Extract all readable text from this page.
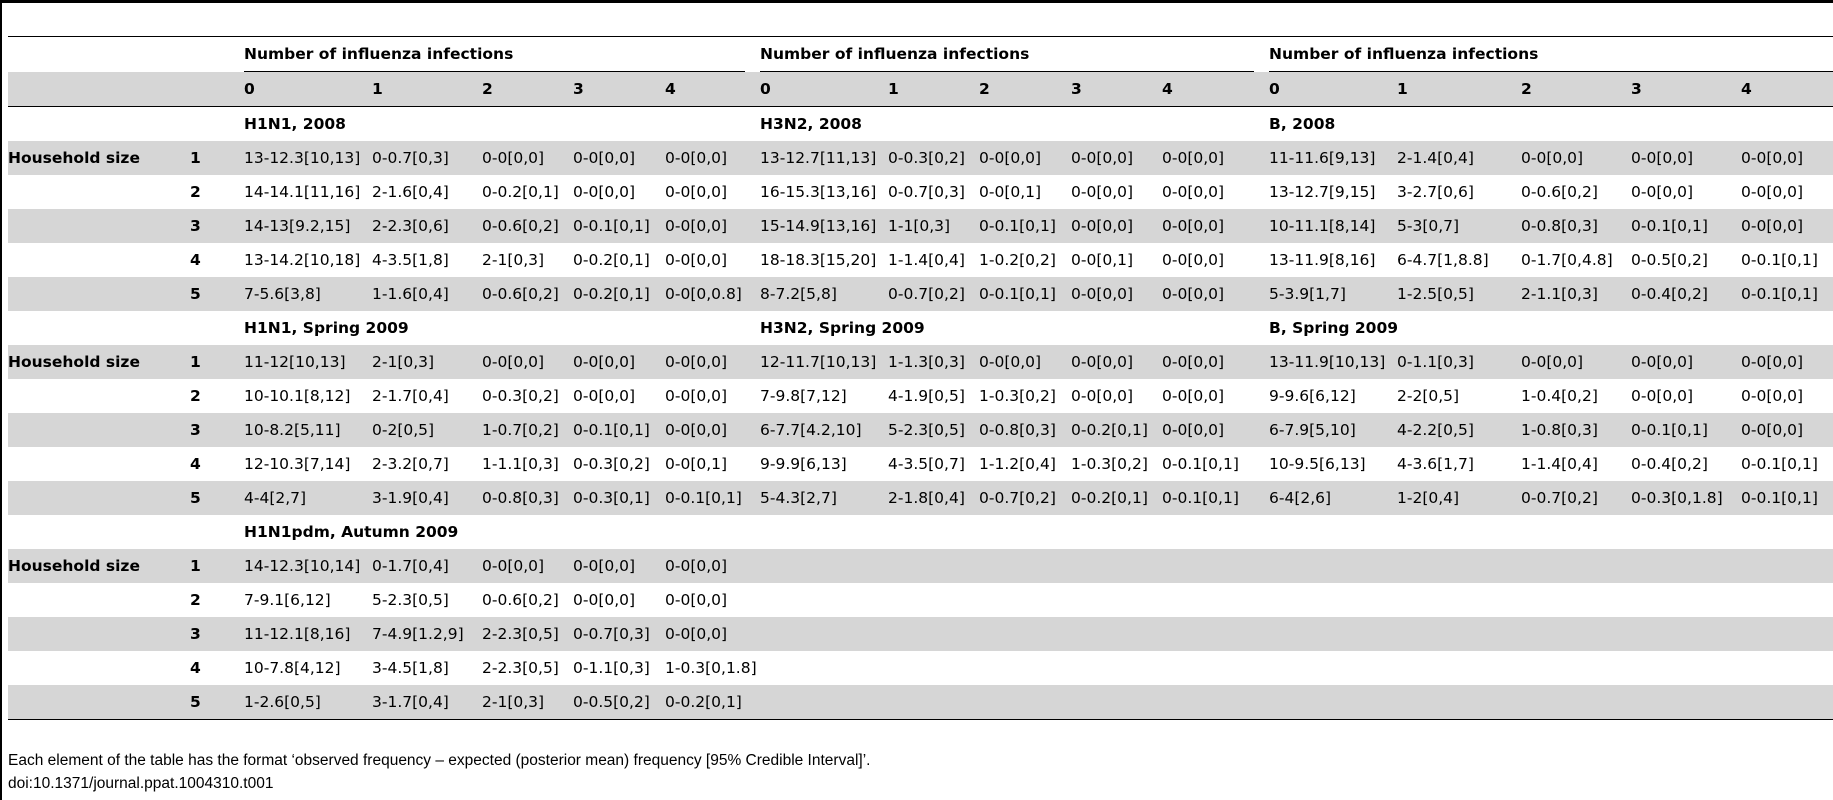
		Number of influenza infections						Number of influenza infections						Number of influenza infections				
		0	1	2	3	4		0	1	2	3	4		0	1	2	3	4
		H1N1, 2008						H3N2, 2008						B, 2008				
Household size	1	13-12.3[10,13]	0-0.7[0,3]	0-0[0,0]	0-0[0,0]	0-0[0,0]		13-12.7[11,13]	0-0.3[0,2]	0-0[0,0]	0-0[0,0]	0-0[0,0]		11-11.6[9,13]	2-1.4[0,4]	0-0[0,0]	0-0[0,0]	0-0[0,0]
	2	14-14.1[11,16]	2-1.6[0,4]	0-0.2[0,1]	0-0[0,0]	0-0[0,0]		16-15.3[13,16]	0-0.7[0,3]	0-0[0,1]	0-0[0,0]	0-0[0,0]		13-12.7[9,15]	3-2.7[0,6]	0-0.6[0,2]	0-0[0,0]	0-0[0,0]
	3	14-13[9.2,15]	2-2.3[0,6]	0-0.6[0,2]	0-0.1[0,1]	0-0[0,0]		15-14.9[13,16]	1-1[0,3]	0-0.1[0,1]	0-0[0,0]	0-0[0,0]		10-11.1[8,14]	5-3[0,7]	0-0.8[0,3]	0-0.1[0,1]	0-0[0,0]
	4	13-14.2[10,18]	4-3.5[1,8]	2-1[0,3]	0-0.2[0,1]	0-0[0,0]		18-18.3[15,20]	1-1.4[0,4]	1-0.2[0,2]	0-0[0,1]	0-0[0,0]		13-11.9[8,16]	6-4.7[1,8.8]	0-1.7[0,4.8]	0-0.5[0,2]	0-0.1[0,1]
	5	7-5.6[3,8]	1-1.6[0,4]	0-0.6[0,2]	0-0.2[0,1]	0-0[0,0.8]		8-7.2[5,8]	0-0.7[0,2]	0-0.1[0,1]	0-0[0,0]	0-0[0,0]		5-3.9[1,7]	1-2.5[0,5]	2-1.1[0,3]	0-0.4[0,2]	0-0.1[0,1]
		H1N1, Spring 2009						H3N2, Spring 2009						B, Spring 2009				
Household size	1	11-12[10,13]	2-1[0,3]	0-0[0,0]	0-0[0,0]	0-0[0,0]		12-11.7[10,13]	1-1.3[0,3]	0-0[0,0]	0-0[0,0]	0-0[0,0]		13-11.9[10,13]	0-1.1[0,3]	0-0[0,0]	0-0[0,0]	0-0[0,0]
	2	10-10.1[8,12]	2-1.7[0,4]	0-0.3[0,2]	0-0[0,0]	0-0[0,0]		7-9.8[7,12]	4-1.9[0,5]	1-0.3[0,2]	0-0[0,0]	0-0[0,0]		9-9.6[6,12]	2-2[0,5]	1-0.4[0,2]	0-0[0,0]	0-0[0,0]
	3	10-8.2[5,11]	0-2[0,5]	1-0.7[0,2]	0-0.1[0,1]	0-0[0,0]		6-7.7[4.2,10]	5-2.3[0,5]	0-0.8[0,3]	0-0.2[0,1]	0-0[0,0]		6-7.9[5,10]	4-2.2[0,5]	1-0.8[0,3]	0-0.1[0,1]	0-0[0,0]
	4	12-10.3[7,14]	2-3.2[0,7]	1-1.1[0,3]	0-0.3[0,2]	0-0[0,1]		9-9.9[6,13]	4-3.5[0,7]	1-1.2[0,4]	1-0.3[0,2]	0-0.1[0,1]		10-9.5[6,13]	4-3.6[1,7]	1-1.4[0,4]	0-0.4[0,2]	0-0.1[0,1]
	5	4-4[2,7]	3-1.9[0,4]	0-0.8[0,3]	0-0.3[0,1]	0-0.1[0,1]		5-4.3[2,7]	2-1.8[0,4]	0-0.7[0,2]	0-0.2[0,1]	0-0.1[0,1]		6-4[2,6]	1-2[0,4]	0-0.7[0,2]	0-0.3[0,1.8]	0-0.1[0,1]
		H1N1pdm, Autumn 2009																
Household size	1	14-12.3[10,14]	0-1.7[0,4]	0-0[0,0]	0-0[0,0]	0-0[0,0]												
	2	7-9.1[6,12]	5-2.3[0,5]	0-0.6[0,2]	0-0[0,0]	0-0[0,0]												
	3	11-12.1[8,16]	7-4.9[1.2,9]	2-2.3[0,5]	0-0.7[0,3]	0-0[0,0]												
	4	10-7.8[4,12]	3-4.5[1,8]	2-2.3[0,5]	0-1.1[0,3]	1-0.3[0,1.8]												
	5	1-2.6[0,5]	3-1.7[0,4]	2-1[0,3]	0-0.5[0,2]	0-0.2[0,1]												
Each element of the table has the format ‘observed frequency – expected (posterior mean) frequency [95% Credible Interval]’.
doi:10.1371/journal.ppat.1004310.t001
